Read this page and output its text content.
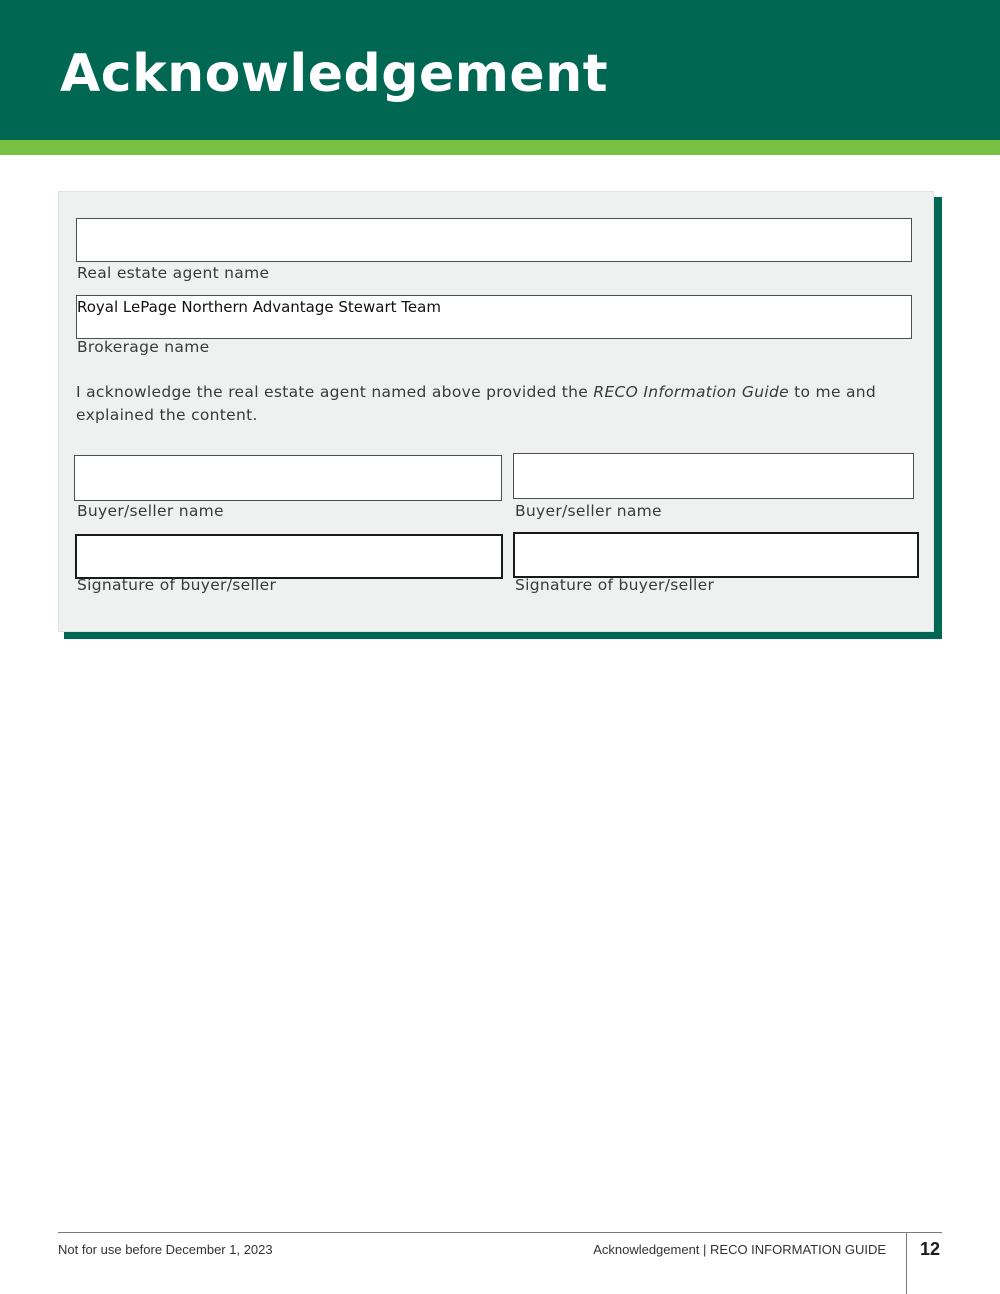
Acknowledgement
Real estate agent name
Royal LePage Northern Advantage Stewart Team
Brokerage name

I acknowledge the real estate agent named above provided the RECO Information Guide to me and explained the content.

Buyer/seller name	Buyer/seller name
Signature of buyer/seller	Signature of buyer/seller
Not for use before December 1, 2023	Acknowledgement | RECO INFORMATION GUIDE 12
